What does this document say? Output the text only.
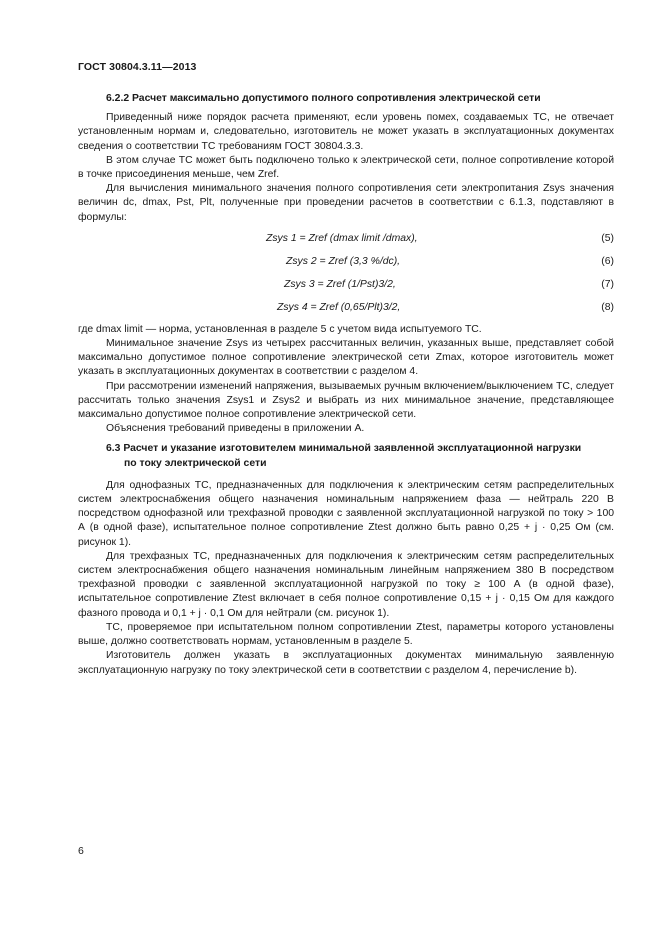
ГОСТ 30804.3.11—2013
6.2.2 Расчет максимально допустимого полного сопротивления электрической сети

Приведенный ниже порядок расчета применяют, если уровень помех, создаваемых ТС, не отвечает установленным нормам и, следовательно, изготовитель не может указать в эксплуатационных документах сведения о соответствии ТС требованиям ГОСТ 30804.3.3.

В этом случае ТС может быть подключено только к электрической сети, полное сопротивление которой в точке присоединения меньше, чем Zref.

Для вычисления минимального значения полного сопротивления сети электропитания Zsys значения величин dc, dmax, Pst, Plt, полученные при проведении расчетов в соответствии с 6.1.3, подставляют в формулы:

Zsys 1 = Zref (dmax limit /dmax),	(5)
Zsys 2 = Zref (3,3 %/dc),	(6)
Zsys 3 = Zref (1/Pst)3/2,	(7)
Zsys 4 = Zref (0,65/Plt)3/2,	(8)

где dmax limit — норма, установленная в разделе 5 с учетом вида испытуемого ТС.

Минимальное значение Zsys из четырех рассчитанных величин, указанных выше, представляет собой максимально допустимое полное сопротивление электрической сети Zmax, которое изготовитель может указать в эксплуатационных документах в соответствии с разделом 4.

При рассмотрении изменений напряжения, вызываемых ручным включением/выключением ТС, следует рассчитать только значения Zsys1 и Zsys2 и выбрать из них минимальное значение, представляющее максимально допустимое полное сопротивление электрической сети.

Объяснения требований приведены в приложении А.

6.3 Расчет и указание изготовителем минимальной заявленной эксплуатационной нагрузки
по току электрической сети

Для однофазных ТС, предназначенных для подключения к электрическим сетям распределительных систем электроснабжения общего назначения номинальным напряжением фаза — нейтраль 220 В посредством однофазной или трехфазной проводки с заявленной эксплуатационной нагрузкой по току > 100 А (в одной фазе), испытательное полное сопротивление Ztest должно быть равно 0,25 + j · 0,25 Ом (см. рисунок 1).

Для трехфазных ТС, предназначенных для подключения к электрическим сетям распределительных систем электроснабжения общего назначения номинальным линейным напряжением 380 В посредством трехфазной проводки с заявленной эксплуатационной нагрузкой по току ≥ 100 А (в одной фазе), испытательное сопротивление Ztest включает в себя полное сопротивление 0,15 + j · 0,15 Ом для каждого фазного провода и 0,1 + j · 0,1 Ом для нейтрали (см. рисунок 1).

ТС, проверяемое при испытательном полном сопротивлении Ztest, параметры которого установлены выше, должно соответствовать нормам, установленным в разделе 5.

Изготовитель должен указать в эксплуатационных документах минимальную заявленную эксплуатационную нагрузку по току электрической сети в соответствии с разделом 4, перечисление b).

6
